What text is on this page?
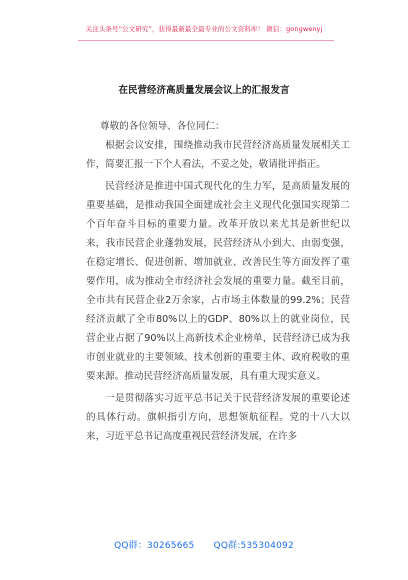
关注头条号“公文研究”，获得最新最全最专业的公文资料库！ 微信：gongwenyj
在民营经济高质量发展会议上的汇报发言

尊敬的各位领导、各位同仁：

根据会议安排，围绕推动我市民营经济高质量发展相关工作，简要汇报一下个人看法，不妥之处，敬请批评指正。

民营经济是推进中国式现代化的生力军，是高质量发展的重要基础，是推动我国全面建成社会主义现代化强国实现第二个百年奋斗目标的重要力量。改革开放以来尤其是新世纪以来，我市民营企业蓬勃发展，民营经济从小到大、由弱变强，在稳定增长、促进创新、增加就业、改善民生等方面发挥了重要作用，成为推动全市经济社会发展的重要力量。截至目前，全市共有民营企业2万余家，占市场主体数量的99.2%；民营经济贡献了全市80%以上的GDP、80%以上的就业岗位，民营企业占据了90%以上高新技术企业榜单，民营经济已成为我市创业就业的主要领域、技术创新的重要主体、政府税收的重要来源。推动民营经济高质量发展，具有重大现实意义。

一是贯彻落实习近平总书记关于民营经济发展的重要论述的具体行动。旗帜指引方向，思想领航征程。党的十八大以来，习近平总书记高度重视民营经济发展，在许多

QQ群：30265665 QQ群:535304092
